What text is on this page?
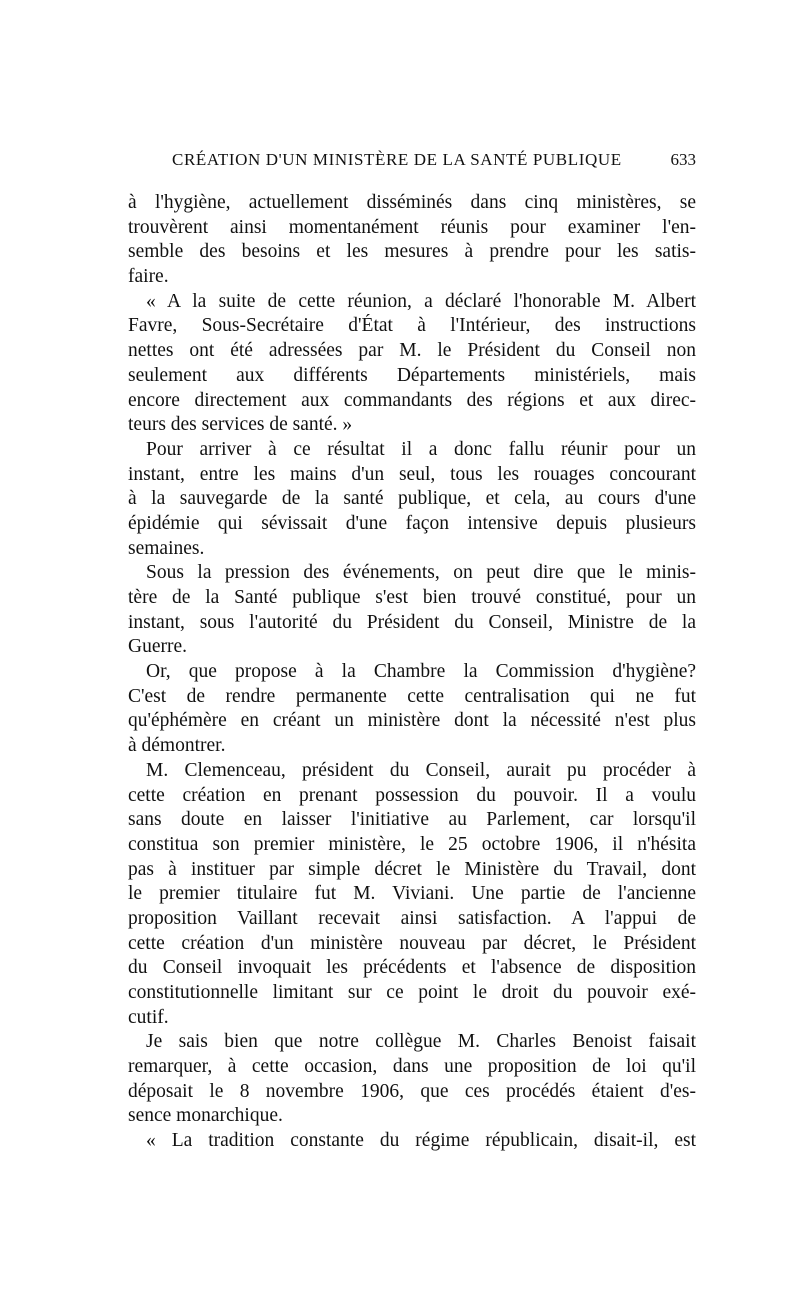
CRÉATION D'UN MINISTÈRE DE LA SANTÉ PUBLIQUE	633
à l'hygiène, actuellement disséminés dans cinq ministères, se
trouvèrent ainsi momentanément réunis pour examiner l'en-
semble des besoins et les mesures à prendre pour les satis-
faire.
« A la suite de cette réunion, a déclaré l'honorable M. Albert
Favre, Sous-Secrétaire d'État à l'Intérieur, des instructions
nettes ont été adressées par M. le Président du Conseil non
seulement aux différents Départements ministériels, mais
encore directement aux commandants des régions et aux direc-
teurs des services de santé. »
Pour arriver à ce résultat il a donc fallu réunir pour un
instant, entre les mains d'un seul, tous les rouages concourant
à la sauvegarde de la santé publique, et cela, au cours d'une
épidémie qui sévissait d'une façon intensive depuis plusieurs
semaines.
Sous la pression des événements, on peut dire que le minis-
tère de la Santé publique s'est bien trouvé constitué, pour un
instant, sous l'autorité du Président du Conseil, Ministre de la
Guerre.
Or, que propose à la Chambre la Commission d'hygiène?
C'est de rendre permanente cette centralisation qui ne fut
qu'éphémère en créant un ministère dont la nécessité n'est plus
à démontrer.
M. Clemenceau, président du Conseil, aurait pu procéder à
cette création en prenant possession du pouvoir. Il a voulu
sans doute en laisser l'initiative au Parlement, car lorsqu'il
constitua son premier ministère, le 25 octobre 1906, il n'hésita
pas à instituer par simple décret le Ministère du Travail, dont
le premier titulaire fut M. Viviani. Une partie de l'ancienne
proposition Vaillant recevait ainsi satisfaction. A l'appui de
cette création d'un ministère nouveau par décret, le Président
du Conseil invoquait les précédents et l'absence de disposition
constitutionnelle limitant sur ce point le droit du pouvoir exé-
cutif.
Je sais bien que notre collègue M. Charles Benoist faisait
remarquer, à cette occasion, dans une proposition de loi qu'il
déposait le 8 novembre 1906, que ces procédés étaient d'es-
sence monarchique.
« La tradition constante du régime républicain, disait-il, est
